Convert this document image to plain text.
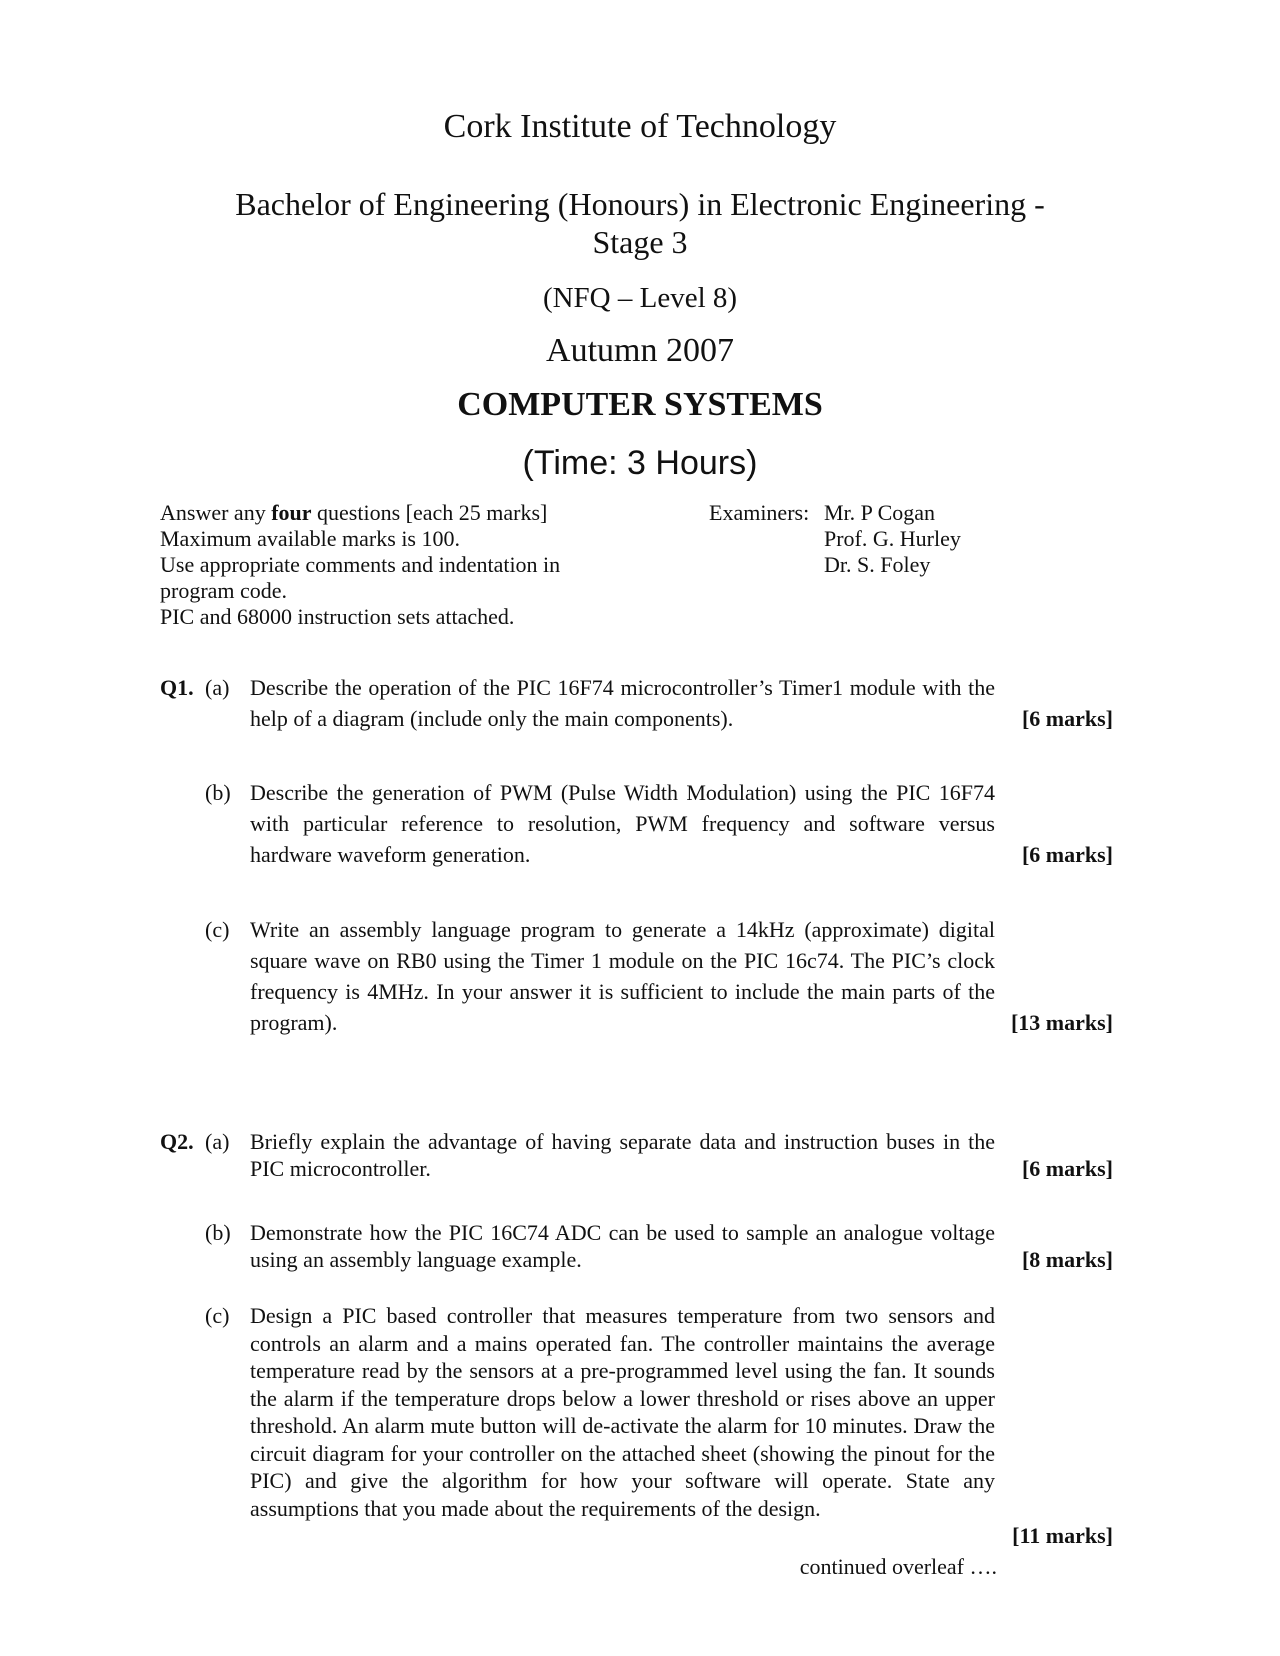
Cork Institute of Technology
Bachelor of Engineering (Honours) in Electronic Engineering -
Stage 3
(NFQ – Level 8)
Autumn 2007
COMPUTER SYSTEMS
(Time: 3 Hours)
Answer any four questions [each 25 marks]
Maximum available marks is 100.
Use appropriate comments and indentation in
program code.
PIC and 68000 instruction sets attached.
Examiners: Mr. P Cogan
Prof. G. Hurley
Dr. S. Foley
Q1. (a) Describe the operation of the PIC 16F74 microcontroller’s Timer1 module with the help of a diagram (include only the main components).	[6 marks]
(b) Describe the generation of PWM (Pulse Width Modulation) using the PIC 16F74 with particular reference to resolution, PWM frequency and software versus hardware waveform generation.	[6 marks]
(c) Write an assembly language program to generate a 14kHz (approximate) digital square wave on RB0 using the Timer 1 module on the PIC 16c74. The PIC’s clock frequency is 4MHz. In your answer it is sufficient to include the main parts of the program).	[13 marks]
Q2. (a) Briefly explain the advantage of having separate data and instruction buses in the PIC microcontroller.	[6 marks]
(b) Demonstrate how the PIC 16C74 ADC can be used to sample an analogue voltage using an assembly language example.	[8 marks]
(c) Design a PIC based controller that measures temperature from two sensors and controls an alarm and a mains operated fan. The controller maintains the average temperature read by the sensors at a pre-programmed level using the fan. It sounds the alarm if the temperature drops below a lower threshold or rises above an upper threshold. An alarm mute button will de-activate the alarm for 10 minutes. Draw the circuit diagram for your controller on the attached sheet (showing the pinout for the PIC) and give the algorithm for how your software will operate. State any assumptions that you made about the requirements of the design.
[11 marks]
continued overleaf ….
